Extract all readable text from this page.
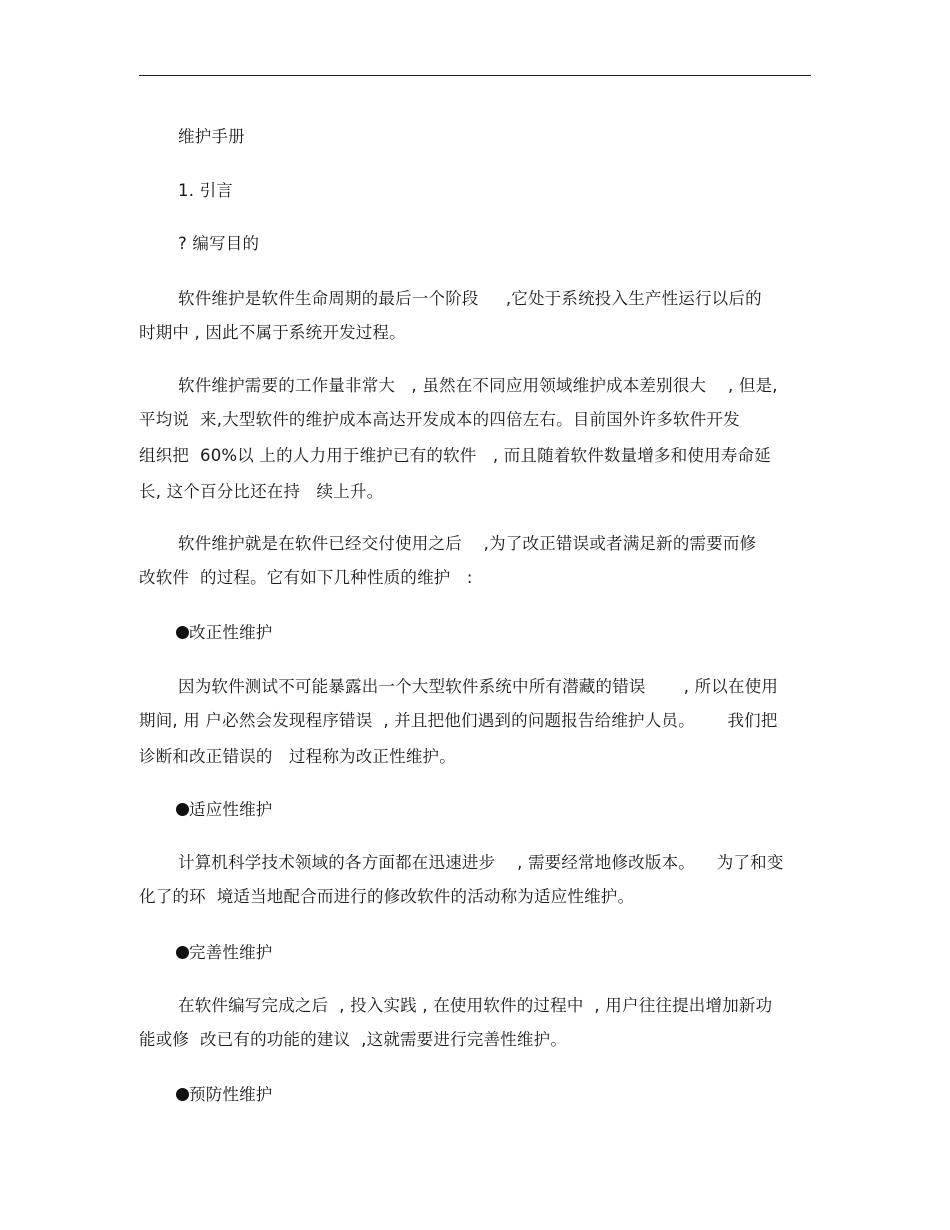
维护手册
1. 引言
? 编写目的
软件维护是软件生命周期的最后一个阶段     ,它处于系统投入生产性运行以后的
时期中 , 因此不属于系统开发过程。
软件维护需要的工作量非常大   , 虽然在不同应用领域维护成本差别很大    , 但是,
平均说  来,大型软件的维护成本高达开发成本的四倍左右。目前国外许多软件开发
组织把  60%以 上的人力用于维护已有的软件   , 而且随着软件数量增多和使用寿命延
长, 这个百分比还在持   续上升。
软件维护就是在软件已经交付使用之后    ,为了改正错误或者满足新的需要而修
改软件  的过程。它有如下几种性质的维护   :
改正性维护
因为软件测试不可能暴露出一个大型软件系统中所有潜藏的错误       , 所以在使用
期间, 用 户必然会发现程序错误  , 并且把他们遇到的问题报告给维护人员。      我们把
诊断和改正错误的   过程称为改正性维护。
适应性维护
计算机科学技术领域的各方面都在迅速进步    , 需要经常地修改版本。    为了和变
化了的环  境适当地配合而进行的修改软件的活动称为适应性维护。
完善性维护
在软件编写完成之后  , 投入实践 , 在使用软件的过程中  , 用户往往提出增加新功
能或修  改已有的功能的建议  ,这就需要进行完善性维护。
预防性维护
